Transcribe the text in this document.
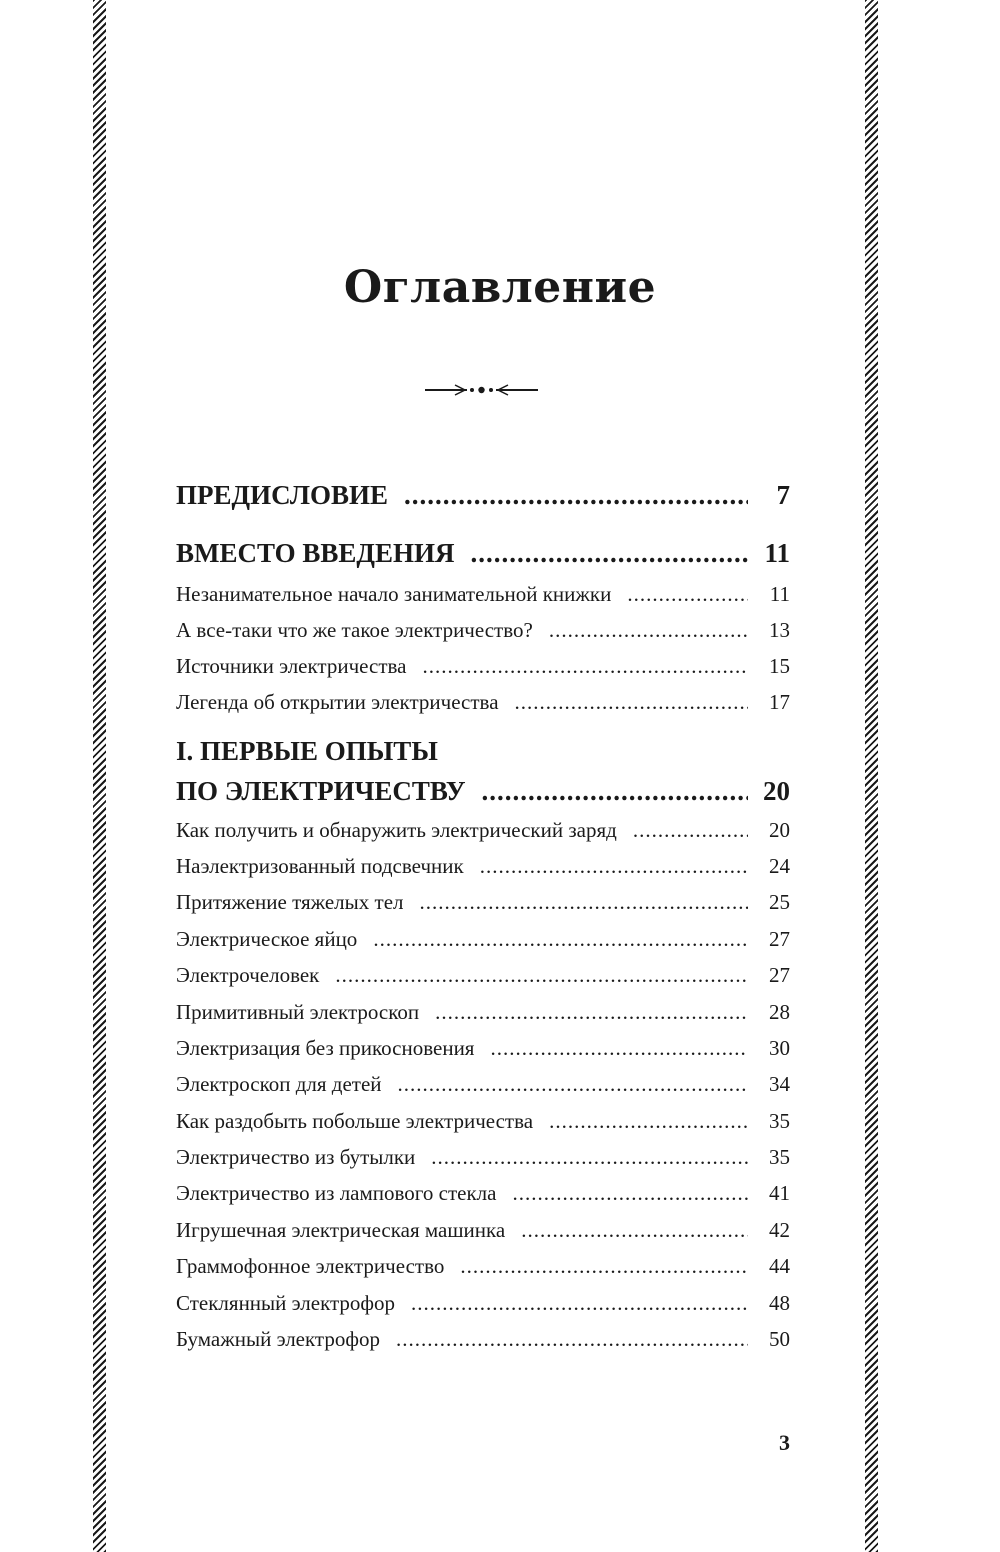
Оглавление
ПРЕДИСЛОВИЕ .....	7
ВМЕСТО ВВЕДЕНИЯ .....	11
Незанимательное начало занимательной книжки .....	11
А все-таки что же такое электричество? .....	13
Источники электричества .....	15
Легенда об открытии электричества .....	17
I. ПЕРВЫЕ ОПЫТЫ
ПО ЭЛЕКТРИЧЕСТВУ .....	20
Как получить и обнаружить электрический заряд .....	20
Наэлектризованный подсвечник .....	24
Притяжение тяжелых тел .....	25
Электрическое яйцо .....	27
Электрочеловек .....	27
Примитивный электроскоп .....	28
Электризация без прикосновения .....	30
Электроскоп для детей .....	34
Как раздобыть побольше электричества .....	35
Электричество из бутылки .....	35
Электричество из лампового стекла .....	41
Игрушечная электрическая машинка .....	42
Граммофонное электричество .....	44
Стеклянный электрофор .....	48
Бумажный электрофор .....	50
3
